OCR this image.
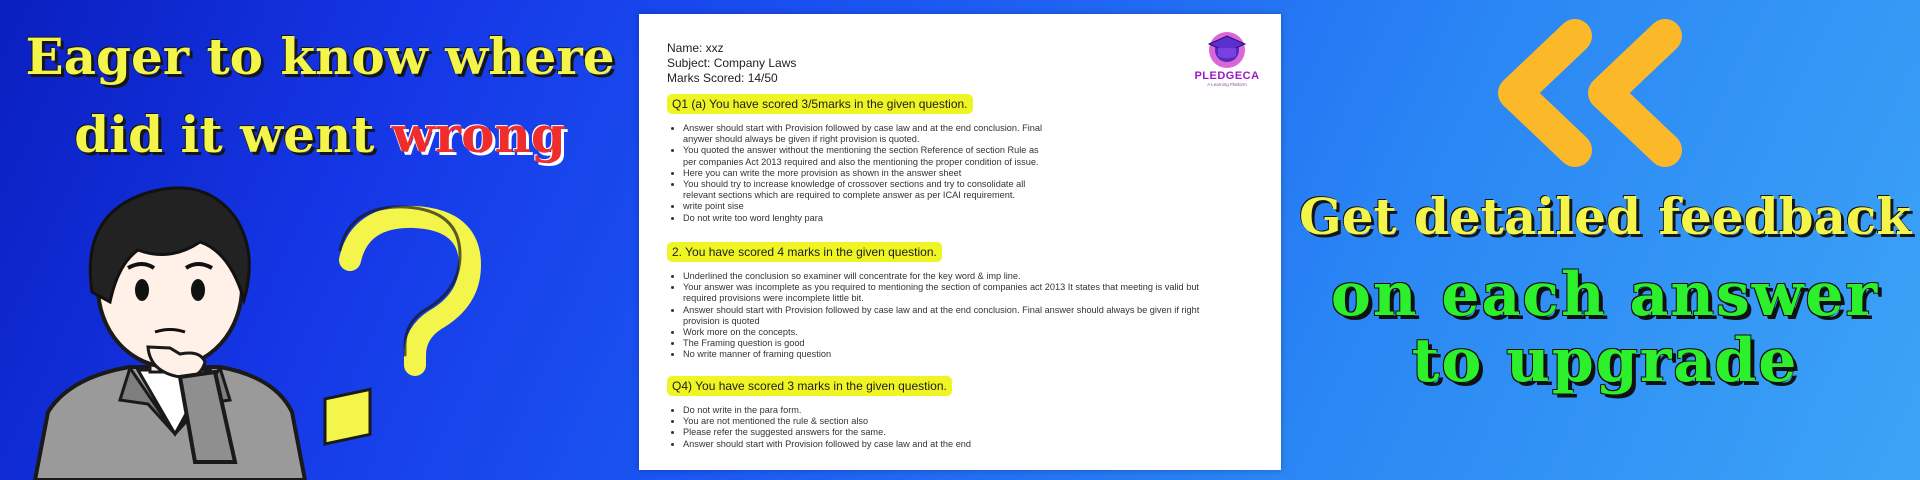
Eager to know where
did it went wrong
Name: xxz
Subject: Company Laws
Marks Scored: 14/50	PLEDGECA
A Learning Platform
Q1 (a) You have scored 3/5marks in the given question.
• Answer should start with Provision followed by case law and at the end conclusion. Final anywer should always be given if right provision is quoted.
• You quoted the answer without the mentioning the section Reference of section Rule as per companies Act 2013 required and also the mentioning the proper condition of issue.
• Here you can write the more provision as shown in the answer sheet
• You should try to increase knowledge of crossover sections and try to consolidate all relevant sections which are required to complete answer as per ICAI requirement.
• write point sise
• Do not write too word lenghty para
2. You have scored 4 marks in the given question.
• Underlined the conclusion so examiner will concentrate for the key word & imp line.
• Your answer was incomplete as you required to mentioning the section of companies act 2013 It states that meeting is valid but required provisions were incomplete little bit.
• Answer should start with Provision followed by case law and at the end conclusion. Final answer should always be given if right provision is quoted
• Work more on the concepts.
• The Framing question is good
• No write manner of framing question
Q4) You have scored 3 marks in the given question.
• Do not write in the para form.
• You are not mentioned the rule & section also
• Please refer the suggested answers for the same.
• Answer should start with Provision followed by case law and at the end
Get detailed feedback
on each answer
to upgrade
